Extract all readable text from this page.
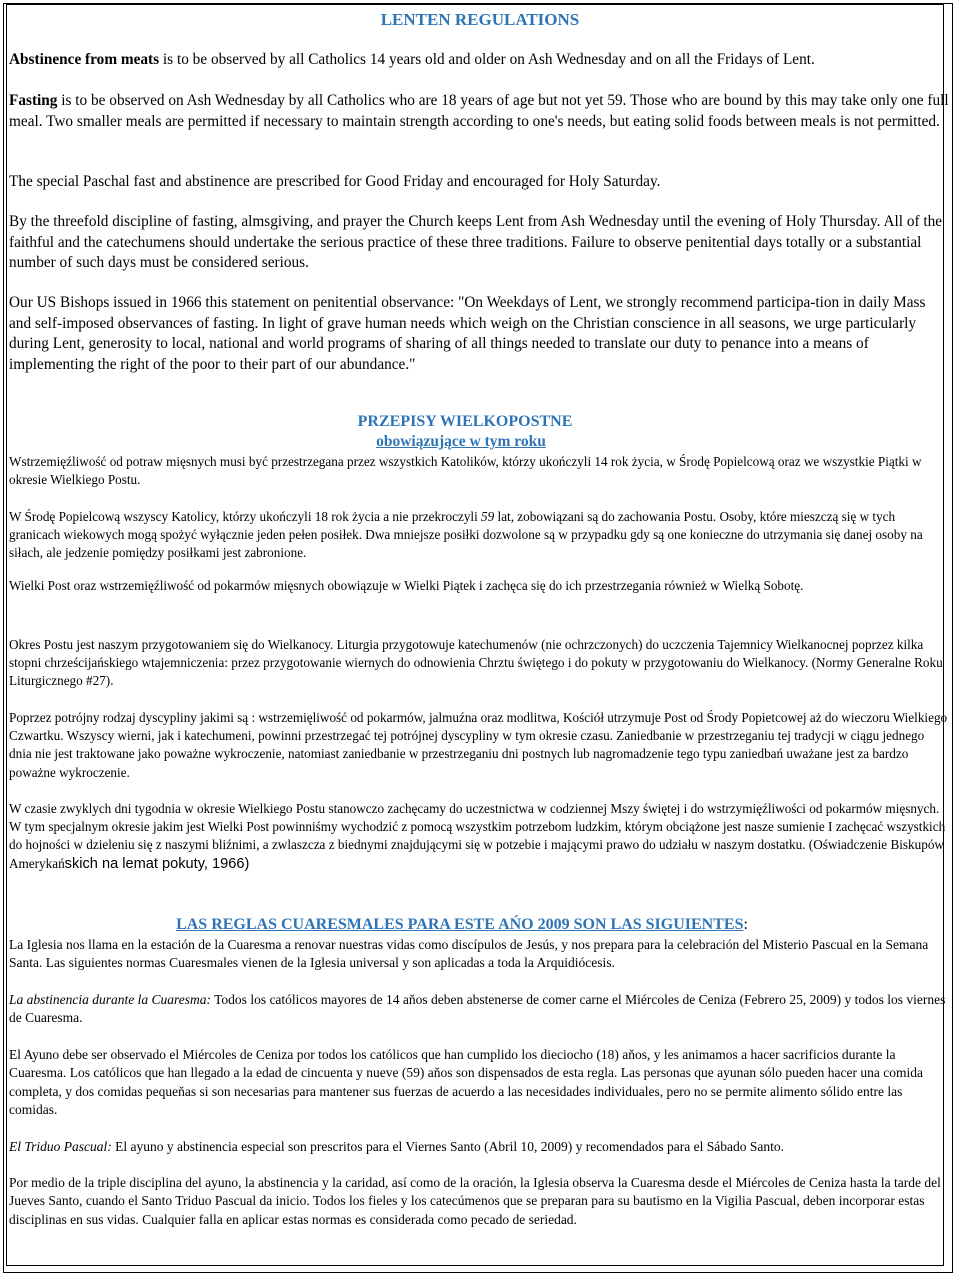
LENTEN REGULATIONS

Abstinence from meats is to be observed by all Catholics 14 years old and older on Ash Wednesday and on all the Fridays of Lent.

Fasting is to be observed on Ash Wednesday by all Catholics who are 18 years of age but not yet 59. Those who are bound by this may take only one full meal. Two smaller meals are permitted if necessary to maintain strength according to one's needs, but eating solid foods between meals is not permitted.

The special Paschal fast and abstinence are prescribed for Good Friday and encouraged for Holy Saturday.

By the threefold discipline of fasting, almsgiving, and prayer the Church keeps Lent from Ash Wednesday until the evening of Holy Thursday. All of the faithful and the catechumens should undertake the serious practice of these three traditions. Failure to observe penitential days totally or a substantial number of such days must be considered serious.

Our US Bishops issued in 1966 this statement on penitential observance: "On Weekdays of Lent, we strongly recommend participa-tion in daily Mass and self-imposed observances of fasting. In light of grave human needs which weigh on the Christian conscience in all seasons, we urge particularly during Lent, generosity to local, national and world programs of sharing of all things needed to translate our duty to penance into a means of implementing the right of the poor to their part of our abundance."

PRZEPISY WIELKOPOSTNE
obowiązujące w tym roku

Wstrzemięźliwość od potraw mięsnych musi być przestrzegana przez wszystkich Katolików, którzy ukończyli 14 rok życia, w Środę Popielcową oraz we wszystkie Piątki w okresie Wielkiego Postu.

W Środę Popielcową wszyscy Katolicy, którzy ukończyli 18 rok życia a nie przekroczyli 59 lat, zobowiązani są do zachowania Postu. Osoby, które mieszczą się w tych granicach wiekowych mogą spożyć wyłącznie jeden pełen posiłek. Dwa mniejsze posiłki dozwolone są w przypadku gdy są one konieczne do utrzymania się danej osoby na siłach, ale jedzenie pomiędzy posiłkami jest zabronione.

Wielki Post oraz wstrzemięźliwość od pokarmów mięsnych obowiązuje w Wielki Piątek i zachęca się do ich przestrzegania również w Wielką Sobotę.

Okres Postu jest naszym przygotowaniem się do Wielkanocy. Liturgia przygotowuje katechumenów (nie ochrzczonych) do uczczenia Tajemnicy Wielkanocnej poprzez kilka stopni chrześcijańskiego wtajemniczenia: przez przygotowanie wiernych do odnowienia Chrztu świętego i do pokuty w przygotowaniu do Wielkanocy. (Normy Generalne Roku Liturgicznego #27).

Poprzez potrójny rodzaj dyscypliny jakimi są : wstrzemięliwość od pokarmów, jalmuźna oraz modlitwa, Kościół utrzymuje Post od Środy Popietcowej aż do wieczoru Wielkiego Czwartku. Wszyscy wierni, jak i katechumeni, powinni przestrzegać tej potrójnej dyscypliny w tym okresie czasu. Zaniedbanie w przestrzeganiu tej tradycji w ciągu jednego dnia nie jest traktowane jako poważne wykroczenie, natomiast zaniedbanie w przestrzeganiu dni postnych lub nagromadzenie tego typu zaniedbań uważane jest za bardzo poważne wykroczenie.

W czasie zwyklych dni tygodnia w okresie Wielkiego Postu stanowczo zachęcamy do uczestnictwa w codziennej Mszy świętej i do wstrzymięźliwości od pokarmów mięsnych. W tym specjalnym okresie jakim jest Wielki Post powinniśmy wychodzić z pomocą wszystkim potrzebom ludzkim, którym obciążone jest nasze sumienie I zachęcać wszystkich do hojności w dzieleniu się z naszymi bliźnimi, a zwlaszcza z biednymi znajdującymi się w potzebie i mającymi prawo do udziału w naszym dostatku. (Oświadczenie Biskupów Amerykańskich na lemat pokuty, 1966)

LAS REGLAS CUARESMALES PARA ESTE AŃO 2009 SON LAS SIGUIENTES:

La Iglesia nos llama en la estación de la Cuaresma a renovar nuestras vidas como discípulos de Jesús, y nos prepara para la celebración del Misterio Pascual en la Semana Santa. Las siguientes normas Cuaresmales vienen de la Iglesia universal y son aplicadas a toda la Arquidiócesis.

La abstinencia durante la Cuaresma: Todos los católicos mayores de 14 aňos deben abstenerse de comer carne el Miércoles de Ceniza (Febrero 25, 2009) y todos los viernes de Cuaresma.

El Ayuno debe ser observado el Miércoles de Ceniza por todos los católicos que han cumplido los dieciocho (18) aňos, y les animamos a hacer sacrificios durante la Cuaresma. Los católicos que han llegado a la edad de cincuenta y nueve (59) aňos son dispensados de esta regla. Las personas que ayunan sólo pueden hacer una comida completa, y dos comidas pequeňas si son necesarias para mantener sus fuerzas de acuerdo a las necesidades individuales, pero no se permite alimento sólido entre las comidas.

El Triduo Pascual: El ayuno y abstinencia especial son prescritos para el Viernes Santo (Abril 10, 2009) y recomendados para el Sábado Santo.

Por medio de la triple disciplina del ayuno, la abstinencia y la caridad, así como de la oración, la Iglesia observa la Cuaresma desde el Miércoles de Ceniza hasta la tarde del Jueves Santo, cuando el Santo Triduo Pascual da inicio. Todos los fieles y los catecúmenos que se preparan para su bautismo en la Vigilia Pascual, deben incorporar estas disciplinas en sus vidas. Cualquier falla en aplicar estas normas es considerada como pecado de seriedad.
